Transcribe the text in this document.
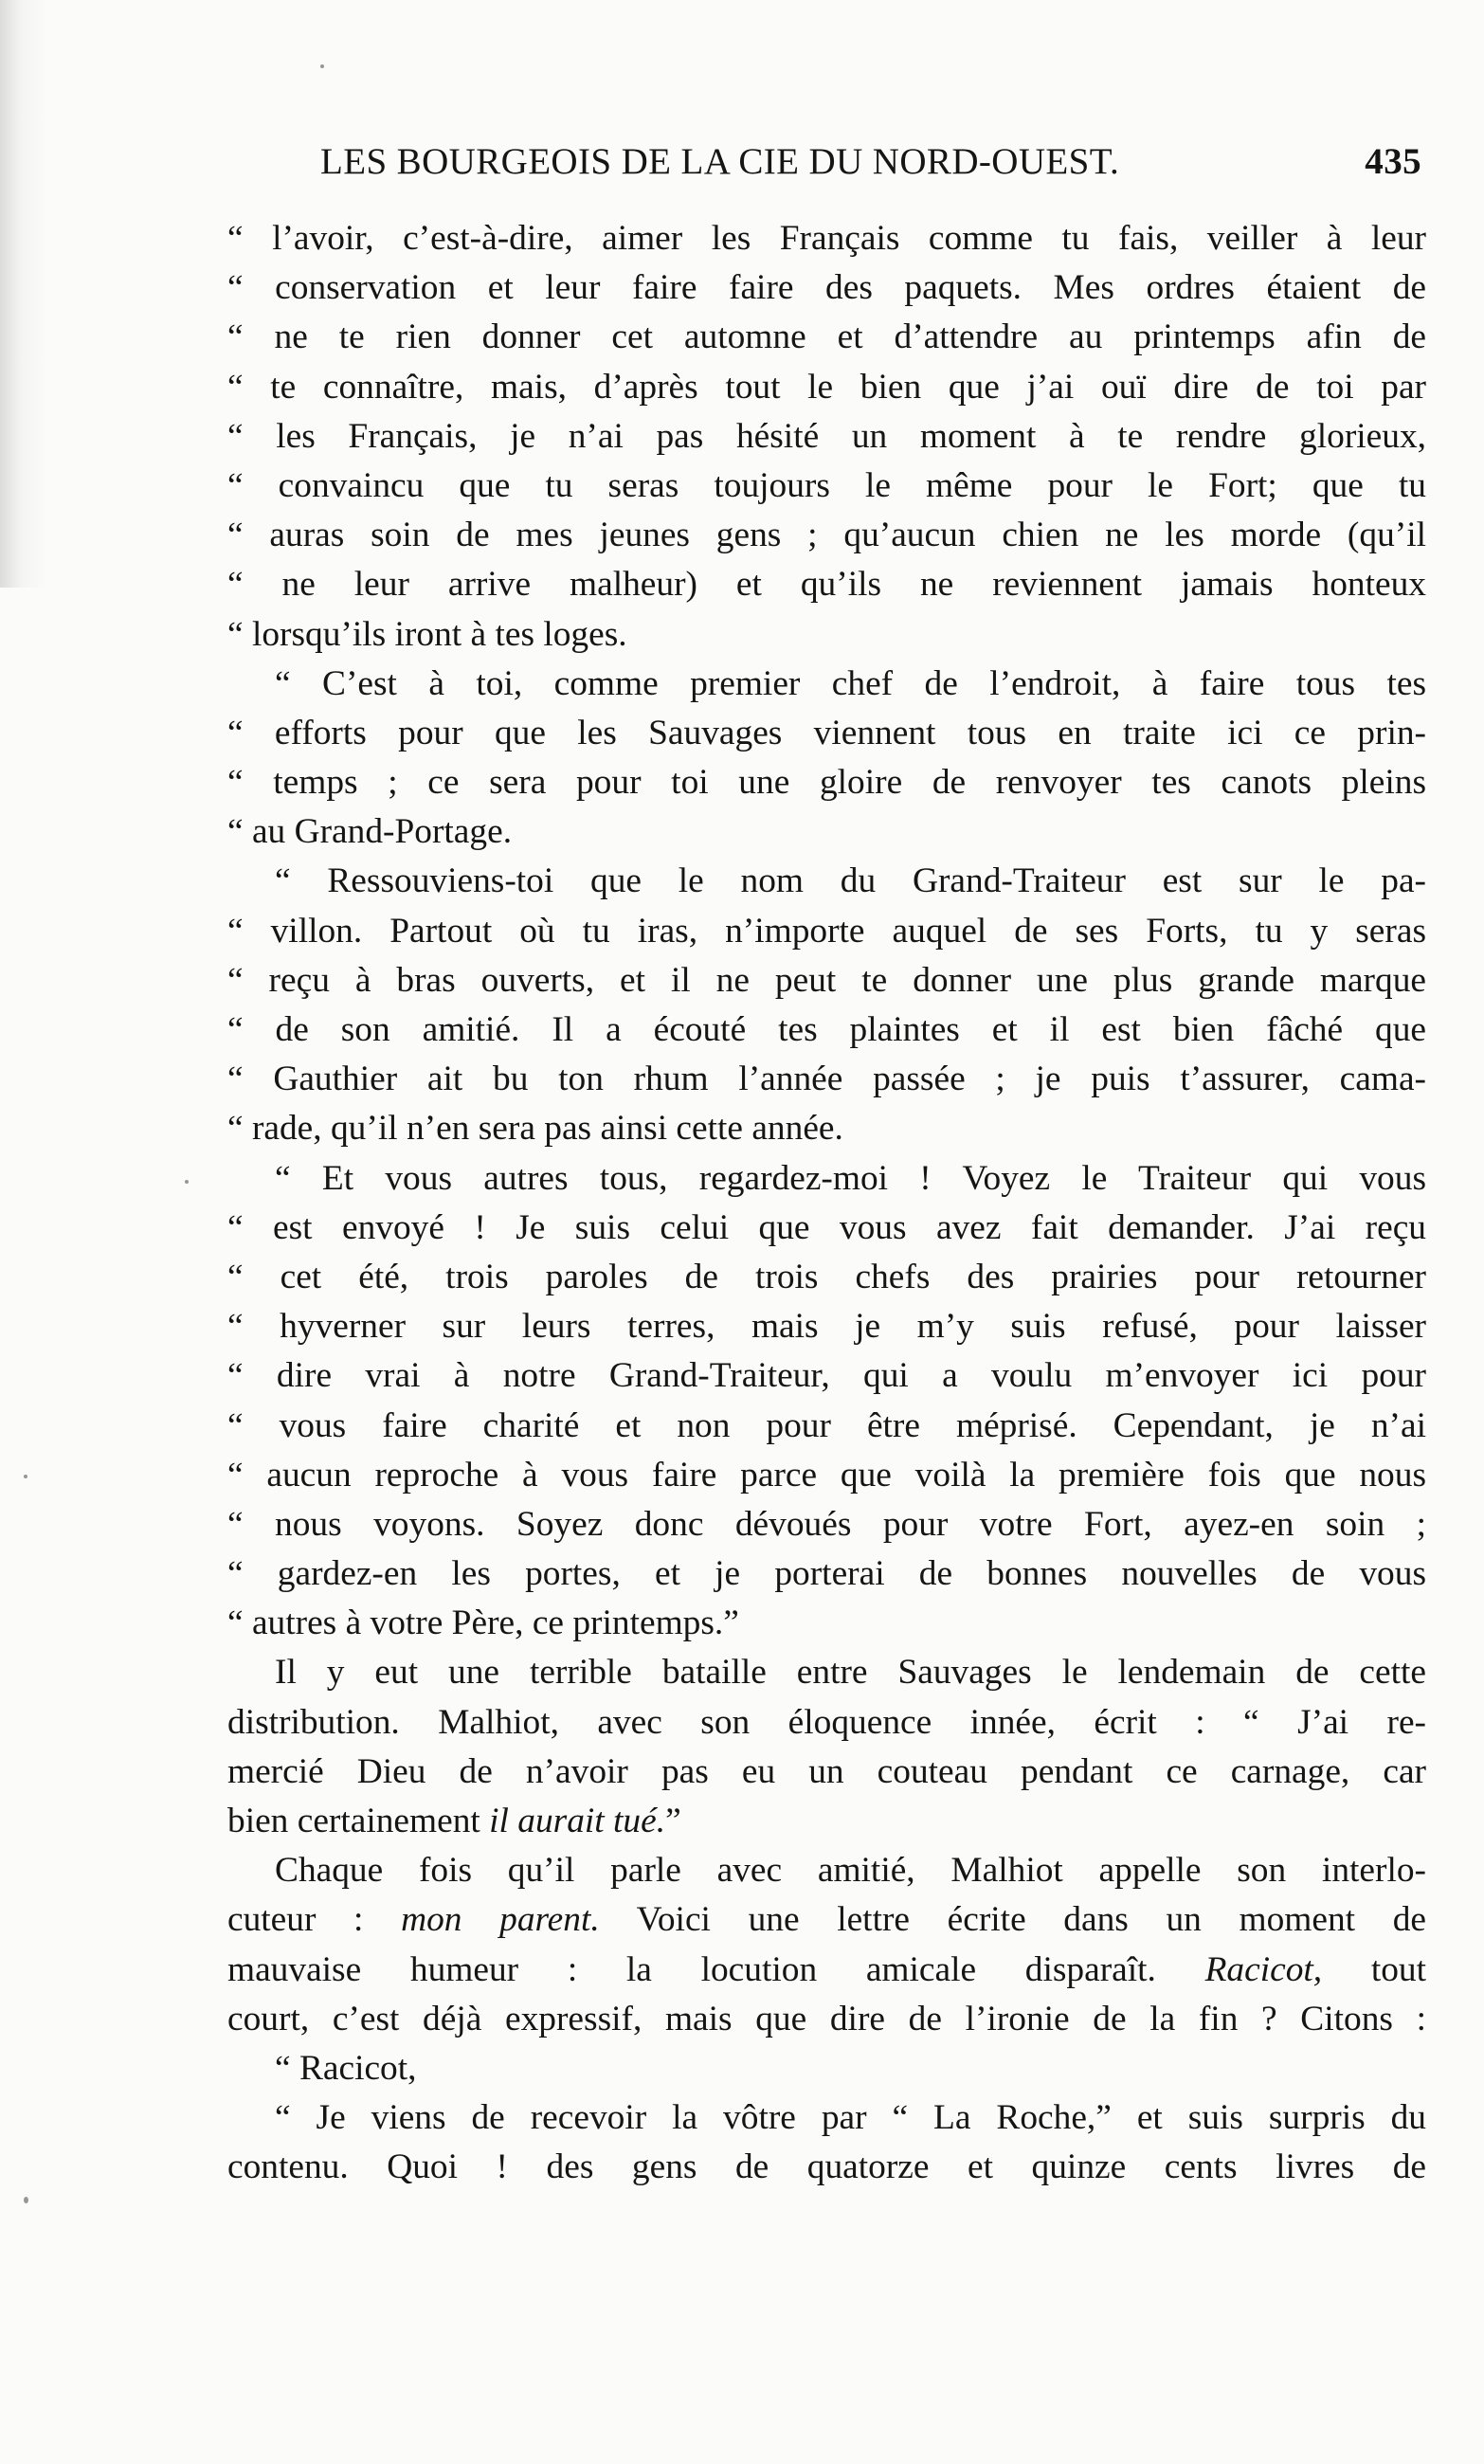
LES BOURGEOIS DE LA CIE DU NORD-OUEST.	435
“ l’avoir, c’est-à-dire, aimer les Français comme tu fais, veiller à leur
“ conservation et leur faire faire des paquets. Mes ordres étaient de
“ ne te rien donner cet automne et d’attendre au printemps afin de
“ te connaître, mais, d’après tout le bien que j’ai ouï dire de toi par
“ les Français, je n’ai pas hésité un moment à te rendre glorieux,
“ convaincu que tu seras toujours le même pour le Fort; que tu
“ auras soin de mes jeunes gens ; qu’aucun chien ne les morde (qu’il
“ ne leur arrive malheur) et qu’ils ne reviennent jamais honteux
“ lorsqu’ils iront à tes loges.
“ C’est à toi, comme premier chef de l’endroit, à faire tous tes
“ efforts pour que les Sauvages viennent tous en traite ici ce prin-
“ temps ; ce sera pour toi une gloire de renvoyer tes canots pleins
“ au Grand-Portage.
“ Ressouviens-toi que le nom du Grand-Traiteur est sur le pa-
“ villon. Partout où tu iras, n’importe auquel de ses Forts, tu y seras
“ reçu à bras ouverts, et il ne peut te donner une plus grande marque
“ de son amitié. Il a écouté tes plaintes et il est bien fâché que
“ Gauthier ait bu ton rhum l’année passée ; je puis t’assurer, cama-
“ rade, qu’il n’en sera pas ainsi cette année.
“ Et vous autres tous, regardez-moi ! Voyez le Traiteur qui vous
“ est envoyé ! Je suis celui que vous avez fait demander. J’ai reçu
“ cet été, trois paroles de trois chefs des prairies pour retourner
“ hyverner sur leurs terres, mais je m’y suis refusé, pour laisser
“ dire vrai à notre Grand-Traiteur, qui a voulu m’envoyer ici pour
“ vous faire charité et non pour être méprisé. Cependant, je n’ai
“ aucun reproche à vous faire parce que voilà la première fois que nous
“ nous voyons. Soyez donc dévoués pour votre Fort, ayez-en soin ;
“ gardez-en les portes, et je porterai de bonnes nouvelles de vous
“ autres à votre Père, ce printemps.”
Il y eut une terrible bataille entre Sauvages le lendemain de cette
distribution. Malhiot, avec son éloquence innée, écrit : “ J’ai re-
mercié Dieu de n’avoir pas eu un couteau pendant ce carnage, car
bien certainement il aurait tué.”
Chaque fois qu’il parle avec amitié, Malhiot appelle son interlo-
cuteur : mon parent. Voici une lettre écrite dans un moment de
mauvaise humeur : la locution amicale disparaît. Racicot, tout
court, c’est déjà expressif, mais que dire de l’ironie de la fin ? Citons :
“ Racicot,
“ Je viens de recevoir la vôtre par “ La Roche,” et suis surpris du
contenu. Quoi ! des gens de quatorze et quinze cents livres de
